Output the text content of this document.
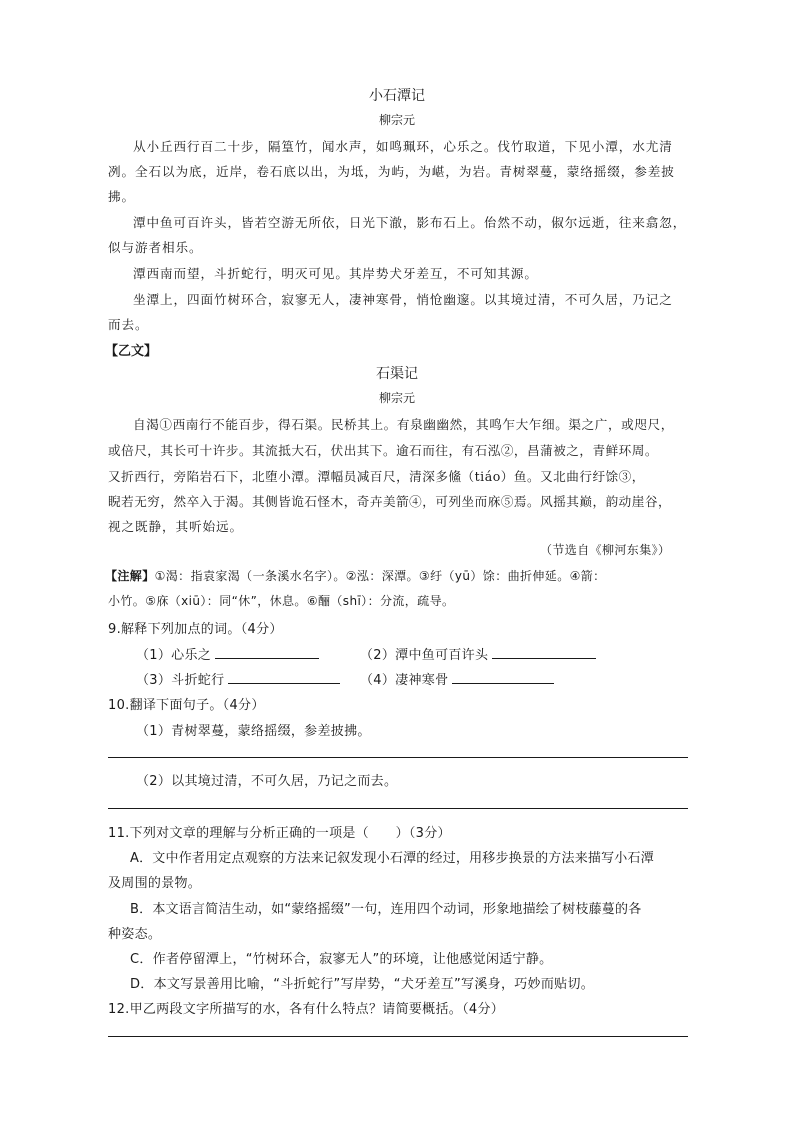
小石潭记
柳宗元
从小丘西行百二十步，隔篁竹，闻水声，如鸣珮环，心乐之。伐竹取道，下见小潭，水尤清
冽。全石以为底，近岸，卷石底以出，为坻，为屿，为嵁，为岩。青树翠蔓，蒙络摇缀，参差披
拂。
潭中鱼可百许头，皆若空游无所依，日光下澈，影布石上。佁然不动，俶尔远逝，往来翕忽，
似与游者相乐。
潭西南而望，斗折蛇行，明灭可见。其岸势犬牙差互，不可知其源。
坐潭上，四面竹树环合，寂寥无人，凄神寒骨，悄怆幽邃。以其境过清，不可久居，乃记之
而去。
【乙文】
石渠记
柳宗元
自渴①西南行不能百步，得石渠。民桥其上。有泉幽幽然，其鸣乍大乍细。渠之广，或咫尺，
或倍尺，其长可十许步。其流抵大石，伏出其下。逾石而往，有石泓②，昌蒲被之，青鲜环周。
又折西行，旁陷岩石下，北堕小潭。潭幅员减百尺，清深多鯈（tiáo）鱼。又北曲行纡馀③，
睨若无穷，然卒入于渴。其侧皆诡石怪木，奇卉美箭④，可列坐而庥⑤焉。风摇其巅，韵动崖谷，
视之既静，其听始远。
（节选自《柳河东集》）
【注解】①渴：指袁家渴（一条溪水名字）。②泓：深潭。③纡（yū）馀：曲折伸延。④箭：
小竹。⑤庥（xiū）：同“休”，休息。⑥酾（shī）：分流，疏导。
9.解释下列加点的词。（4分）
（1）心乐之	（2）潭中鱼可百许头
（3）斗折蛇行	（4）凄神寒骨
10.翻译下面句子。（4分）
（1）青树翠蔓，蒙络摇缀，参差披拂。
（2）以其境过清，不可久居，乃记之而去。
11.下列对文章的理解与分析正确的一项是（　　）（3分）
A．文中作者用定点观察的方法来记叙发现小石潭的经过，用移步换景的方法来描写小石潭
及周围的景物。
B．本文语言简洁生动，如“蒙络摇缀”一句，连用四个动词，形象地描绘了树枝藤蔓的各
种姿态。
C．作者停留潭上，“竹树环合，寂寥无人”的环境，让他感觉闲适宁静。
D．本文写景善用比喻，“斗折蛇行”写岸势，“犬牙差互”写溪身，巧妙而贴切。
12.甲乙两段文字所描写的水，各有什么特点？请简要概括。（4分）
